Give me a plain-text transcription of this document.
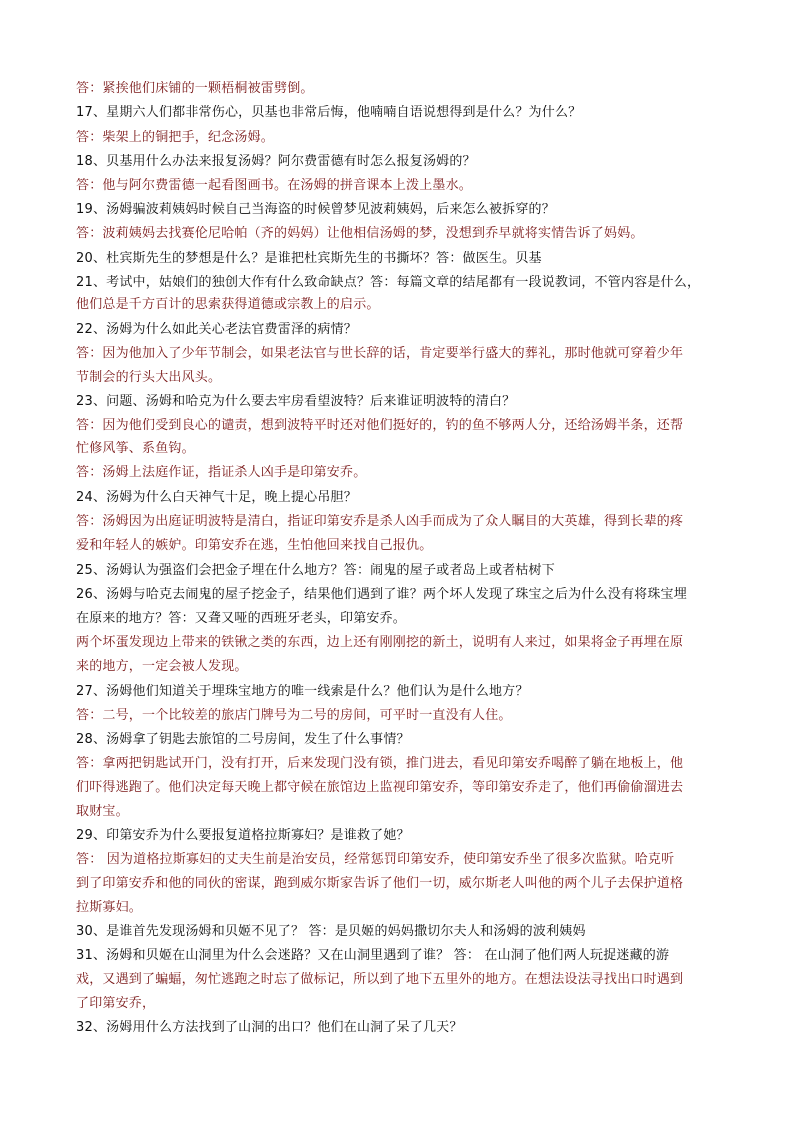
答：紧挨他们床铺的一颗梧桐被雷劈倒。
17、星期六人们都非常伤心，贝基也非常后悔，他喃喃自语说想得到是什么？为什么？
答：柴架上的铜把手，纪念汤姆。
18、贝基用什么办法来报复汤姆？阿尔费雷德有时怎么报复汤姆的？
答：他与阿尔费雷德一起看图画书。在汤姆的拼音课本上泼上墨水。
19、汤姆骗波莉姨妈时候自己当海盗的时候曾梦见波莉姨妈，后来怎么被拆穿的？
答：波莉姨妈去找赛伦尼哈帕（齐的妈妈）让他相信汤姆的梦，没想到乔早就将实情告诉了妈妈。
20、杜宾斯先生的梦想是什么？是谁把杜宾斯先生的书撕坏？答：做医生。贝基
21、考试中，姑娘们的独创大作有什么致命缺点？答：每篇文章的结尾都有一段说教词，不管内容是什么，
他们总是千方百计的思索获得道德或宗教上的启示。
22、汤姆为什么如此关心老法官费雷泽的病情？
答：因为他加入了少年节制会，如果老法官与世长辞的话，肯定要举行盛大的葬礼，那时他就可穿着少年
节制会的行头大出风头。
23、问题、汤姆和哈克为什么要去牢房看望波特？后来谁证明波特的清白？
答：因为他们受到良心的谴责，想到波特平时还对他们挺好的，钓的鱼不够两人分，还给汤姆半条，还帮
忙修风筝、系鱼钩。
答：汤姆上法庭作证，指证杀人凶手是印第安乔。
24、汤姆为什么白天神气十足，晚上提心吊胆？
答：汤姆因为出庭证明波特是清白，指证印第安乔是杀人凶手而成为了众人瞩目的大英雄，得到长辈的疼
爱和年轻人的嫉妒。印第安乔在逃，生怕他回来找自己报仇。
25、汤姆认为强盗们会把金子埋在什么地方？答：闹鬼的屋子或者岛上或者枯树下
26、汤姆与哈克去闹鬼的屋子挖金子，结果他们遇到了谁？两个坏人发现了珠宝之后为什么没有将珠宝埋
在原来的地方？答：又聋又哑的西班牙老头，印第安乔。
两个坏蛋发现边上带来的铁锹之类的东西，边上还有刚刚挖的新土，说明有人来过，如果将金子再埋在原
来的地方，一定会被人发现。
27、汤姆他们知道关于埋珠宝地方的唯一线索是什么？他们认为是什么地方？
答：二号，一个比较差的旅店门牌号为二号的房间，可平时一直没有人住。
28、汤姆拿了钥匙去旅馆的二号房间，发生了什么事情？
答：拿两把钥匙试开门，没有打开，后来发现门没有锁，推门进去，看见印第安乔喝醉了躺在地板上，他
们吓得逃跑了。他们决定每天晚上都守候在旅馆边上监视印第安乔，等印第安乔走了，他们再偷偷溜进去
取财宝。
29、印第安乔为什么要报复道格拉斯寡妇？是谁救了她？
答： 因为道格拉斯寡妇的丈夫生前是治安员，经常惩罚印第安乔，使印第安乔坐了很多次监狱。哈克听
到了印第安乔和他的同伙的密谋，跑到威尔斯家告诉了他们一切，威尔斯老人叫他的两个儿子去保护道格
拉斯寡妇。
30、是谁首先发现汤姆和贝姬不见了？ 答：是贝姬的妈妈撒切尔夫人和汤姆的波利姨妈
31、汤姆和贝姬在山洞里为什么会迷路？又在山洞里遇到了谁？ 答： 在山洞了他们两人玩捉迷藏的游
戏，又遇到了蝙蝠，匆忙逃跑之时忘了做标记，所以到了地下五里外的地方。在想法设法寻找出口时遇到
了印第安乔，
32、汤姆用什么方法找到了山洞的出口？他们在山洞了呆了几天？
